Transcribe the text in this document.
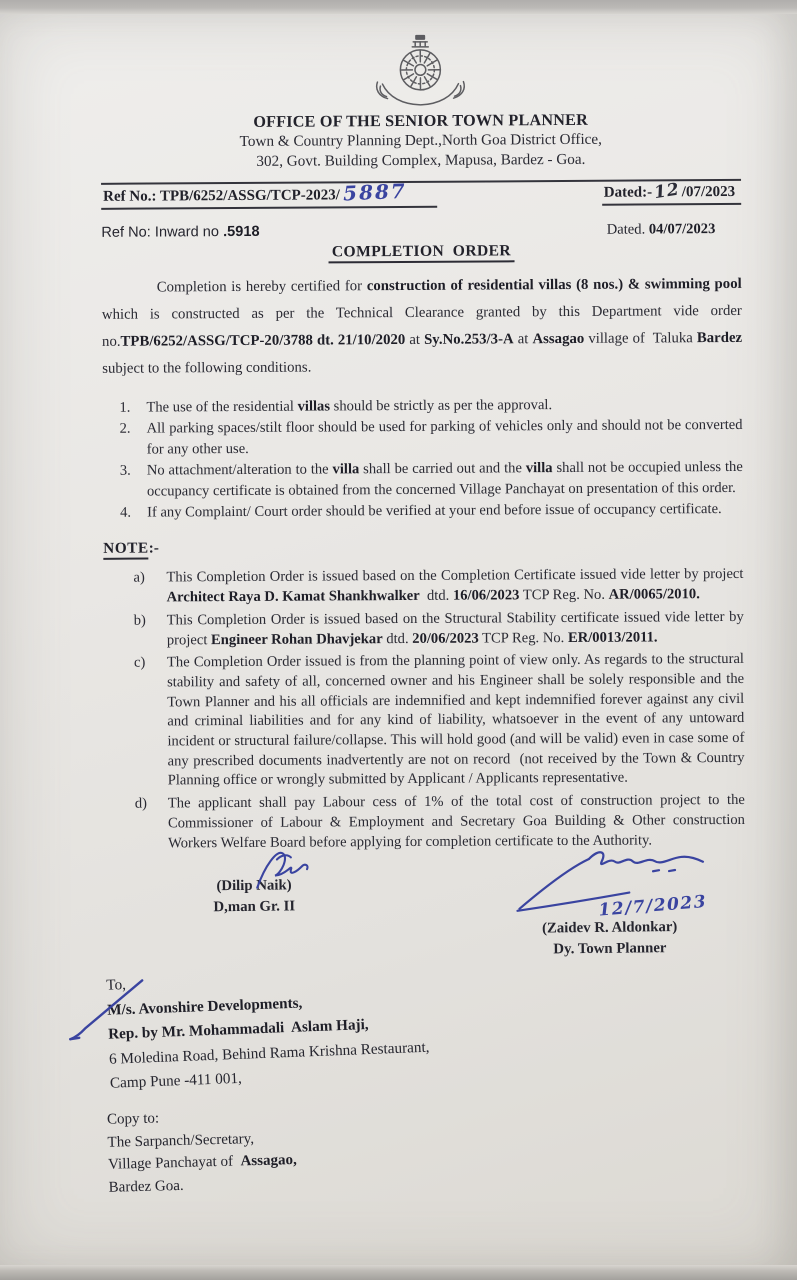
OFFICE OF THE SENIOR TOWN PLANNER
Town & Country Planning Dept.,North Goa District Office,
302, Govt. Building Complex, Mapusa, Bardez - Goa.
Ref No.: TPB/6252/ASSG/TCP-2023/ 5887	Dated:- 12 /07/2023
Ref No: Inward no .5918	Dated. 04/07/2023
COMPLETION  ORDER
Completion is hereby certified for construction of residential villas (8 nos.) & swimming pool which is constructed as per the Technical Clearance granted by this Department vide order no.TPB/6252/ASSG/TCP-20/3788 dt. 21/10/2020 at Sy.No.253/3-A at Assagao village of  Taluka Bardez subject to the following conditions.
1.	The use of the residential villas should be strictly as per the approval.
2.	All parking spaces/stilt floor should be used for parking of vehicles only and should not be converted for any other use.
3.	No attachment/alteration to the villa shall be carried out and the villa shall not be occupied unless the occupancy certificate is obtained from the concerned Village Panchayat on presentation of this order.
4.	If any Complaint/ Court order should be verified at your end before issue of occupancy certificate.
NOTE:-
a)	This Completion Order is issued based on the Completion Certificate issued vide letter by project Architect Raya D. Kamat Shankhwalker  dtd. 16/06/2023 TCP Reg. No. AR/0065/2010.
b)	This Completion Order is issued based on the Structural Stability certificate issued vide letter by project Engineer Rohan Dhavjekar dtd. 20/06/2023 TCP Reg. No. ER/0013/2011.
c)	The Completion Order issued is from the planning point of view only. As regards to the structural stability and safety of all, concerned owner and his Engineer shall be solely responsible and the Town Planner and his all officials are indemnified and kept indemnified forever against any civil and criminal liabilities and for any kind of liability, whatsoever in the event of any untoward incident or structural failure/collapse. This will hold good (and will be valid) even in case some of any prescribed documents inadvertently are not on record  (not received by the Town & Country Planning office or wrongly submitted by Applicant / Applicants representative.
d)	The applicant shall pay Labour cess of 1% of the total cost of construction project to the Commissioner of Labour & Employment and Secretary Goa Building & Other construction Workers Welfare Board before applying for completion certificate to the Authority.
(Dilip Naik)
D,man Gr. II	12/7/2023
(Zaidev R. Aldonkar)
Dy. Town Planner
To,
M/s. Avonshire Developments,
Rep. by Mr. Mohammadali  Aslam Haji,
6 Moledina Road, Behind Rama Krishna Restaurant,
Camp Pune -411 001,
Copy to:
The Sarpanch/Secretary,
Village Panchayat of  Assagao,
Bardez Goa.
